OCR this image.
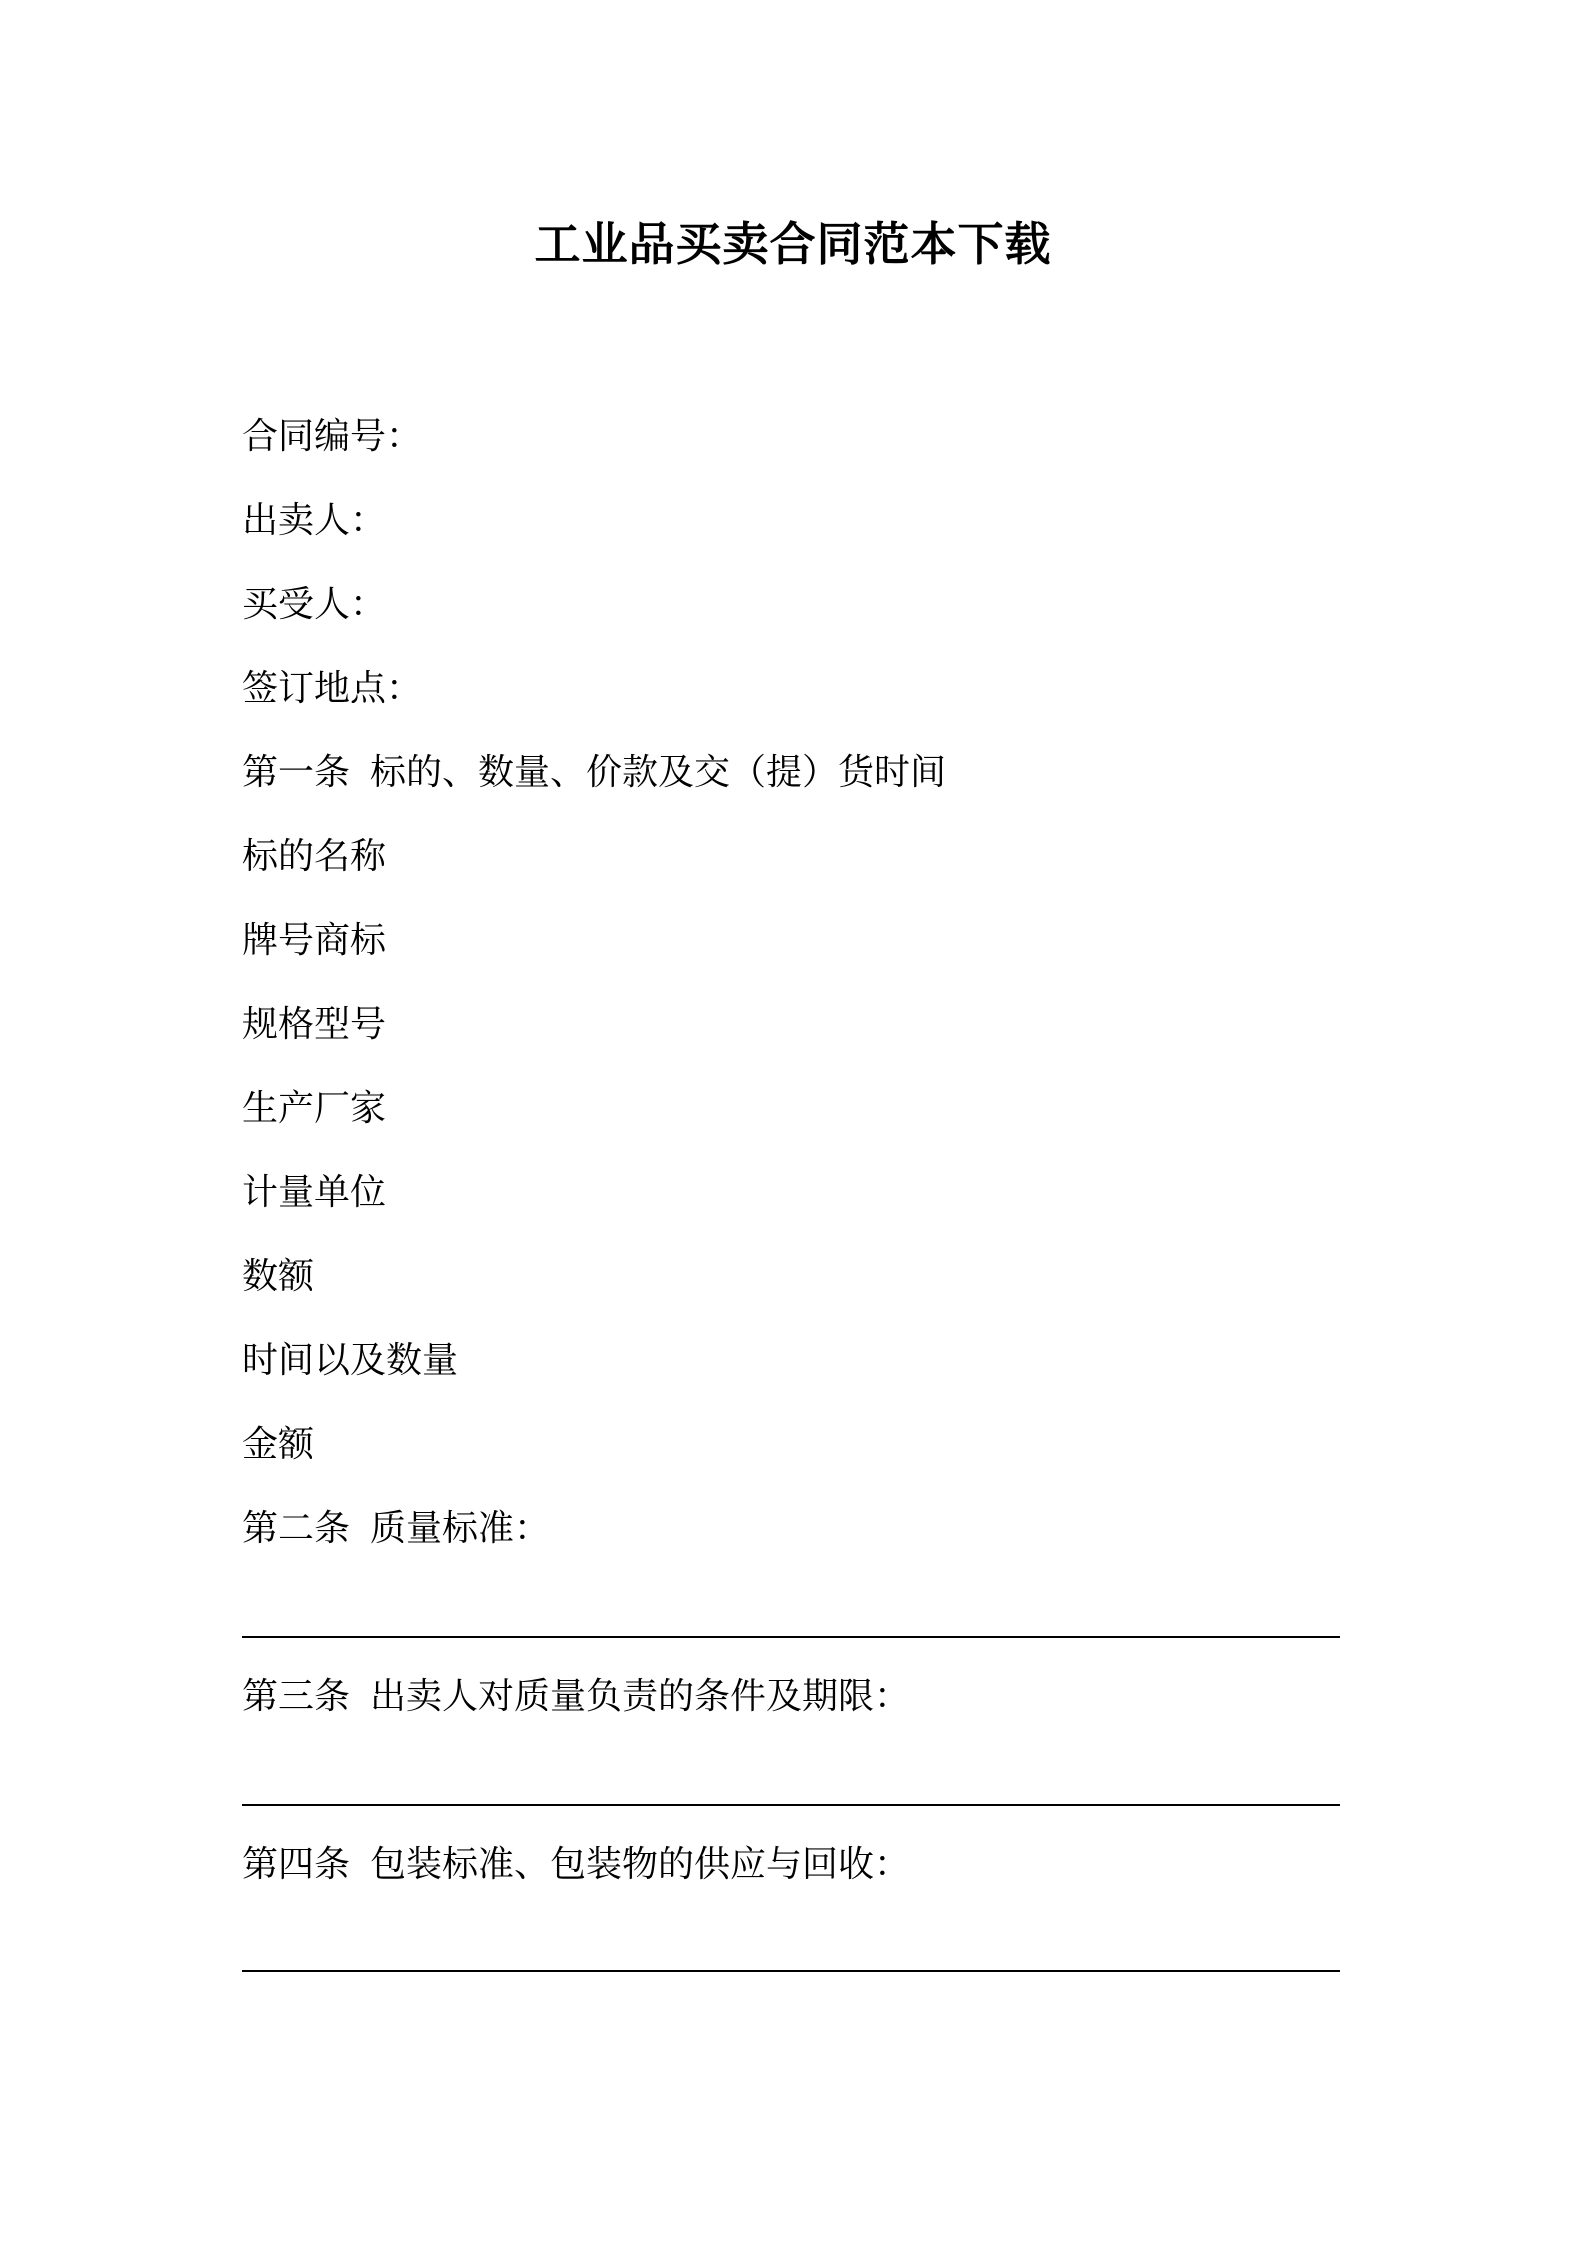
工业品买卖合同范本下载
合同编号：
出卖人：
买受人：
签订地点：
第一条 标的、数量、价款及交（提）货时间
标的名称
牌号商标
规格型号
生产厂家
计量单位
数额
时间以及数量
金额
第二条 质量标准：
第三条 出卖人对质量负责的条件及期限：
第四条 包装标准、包装物的供应与回收：
